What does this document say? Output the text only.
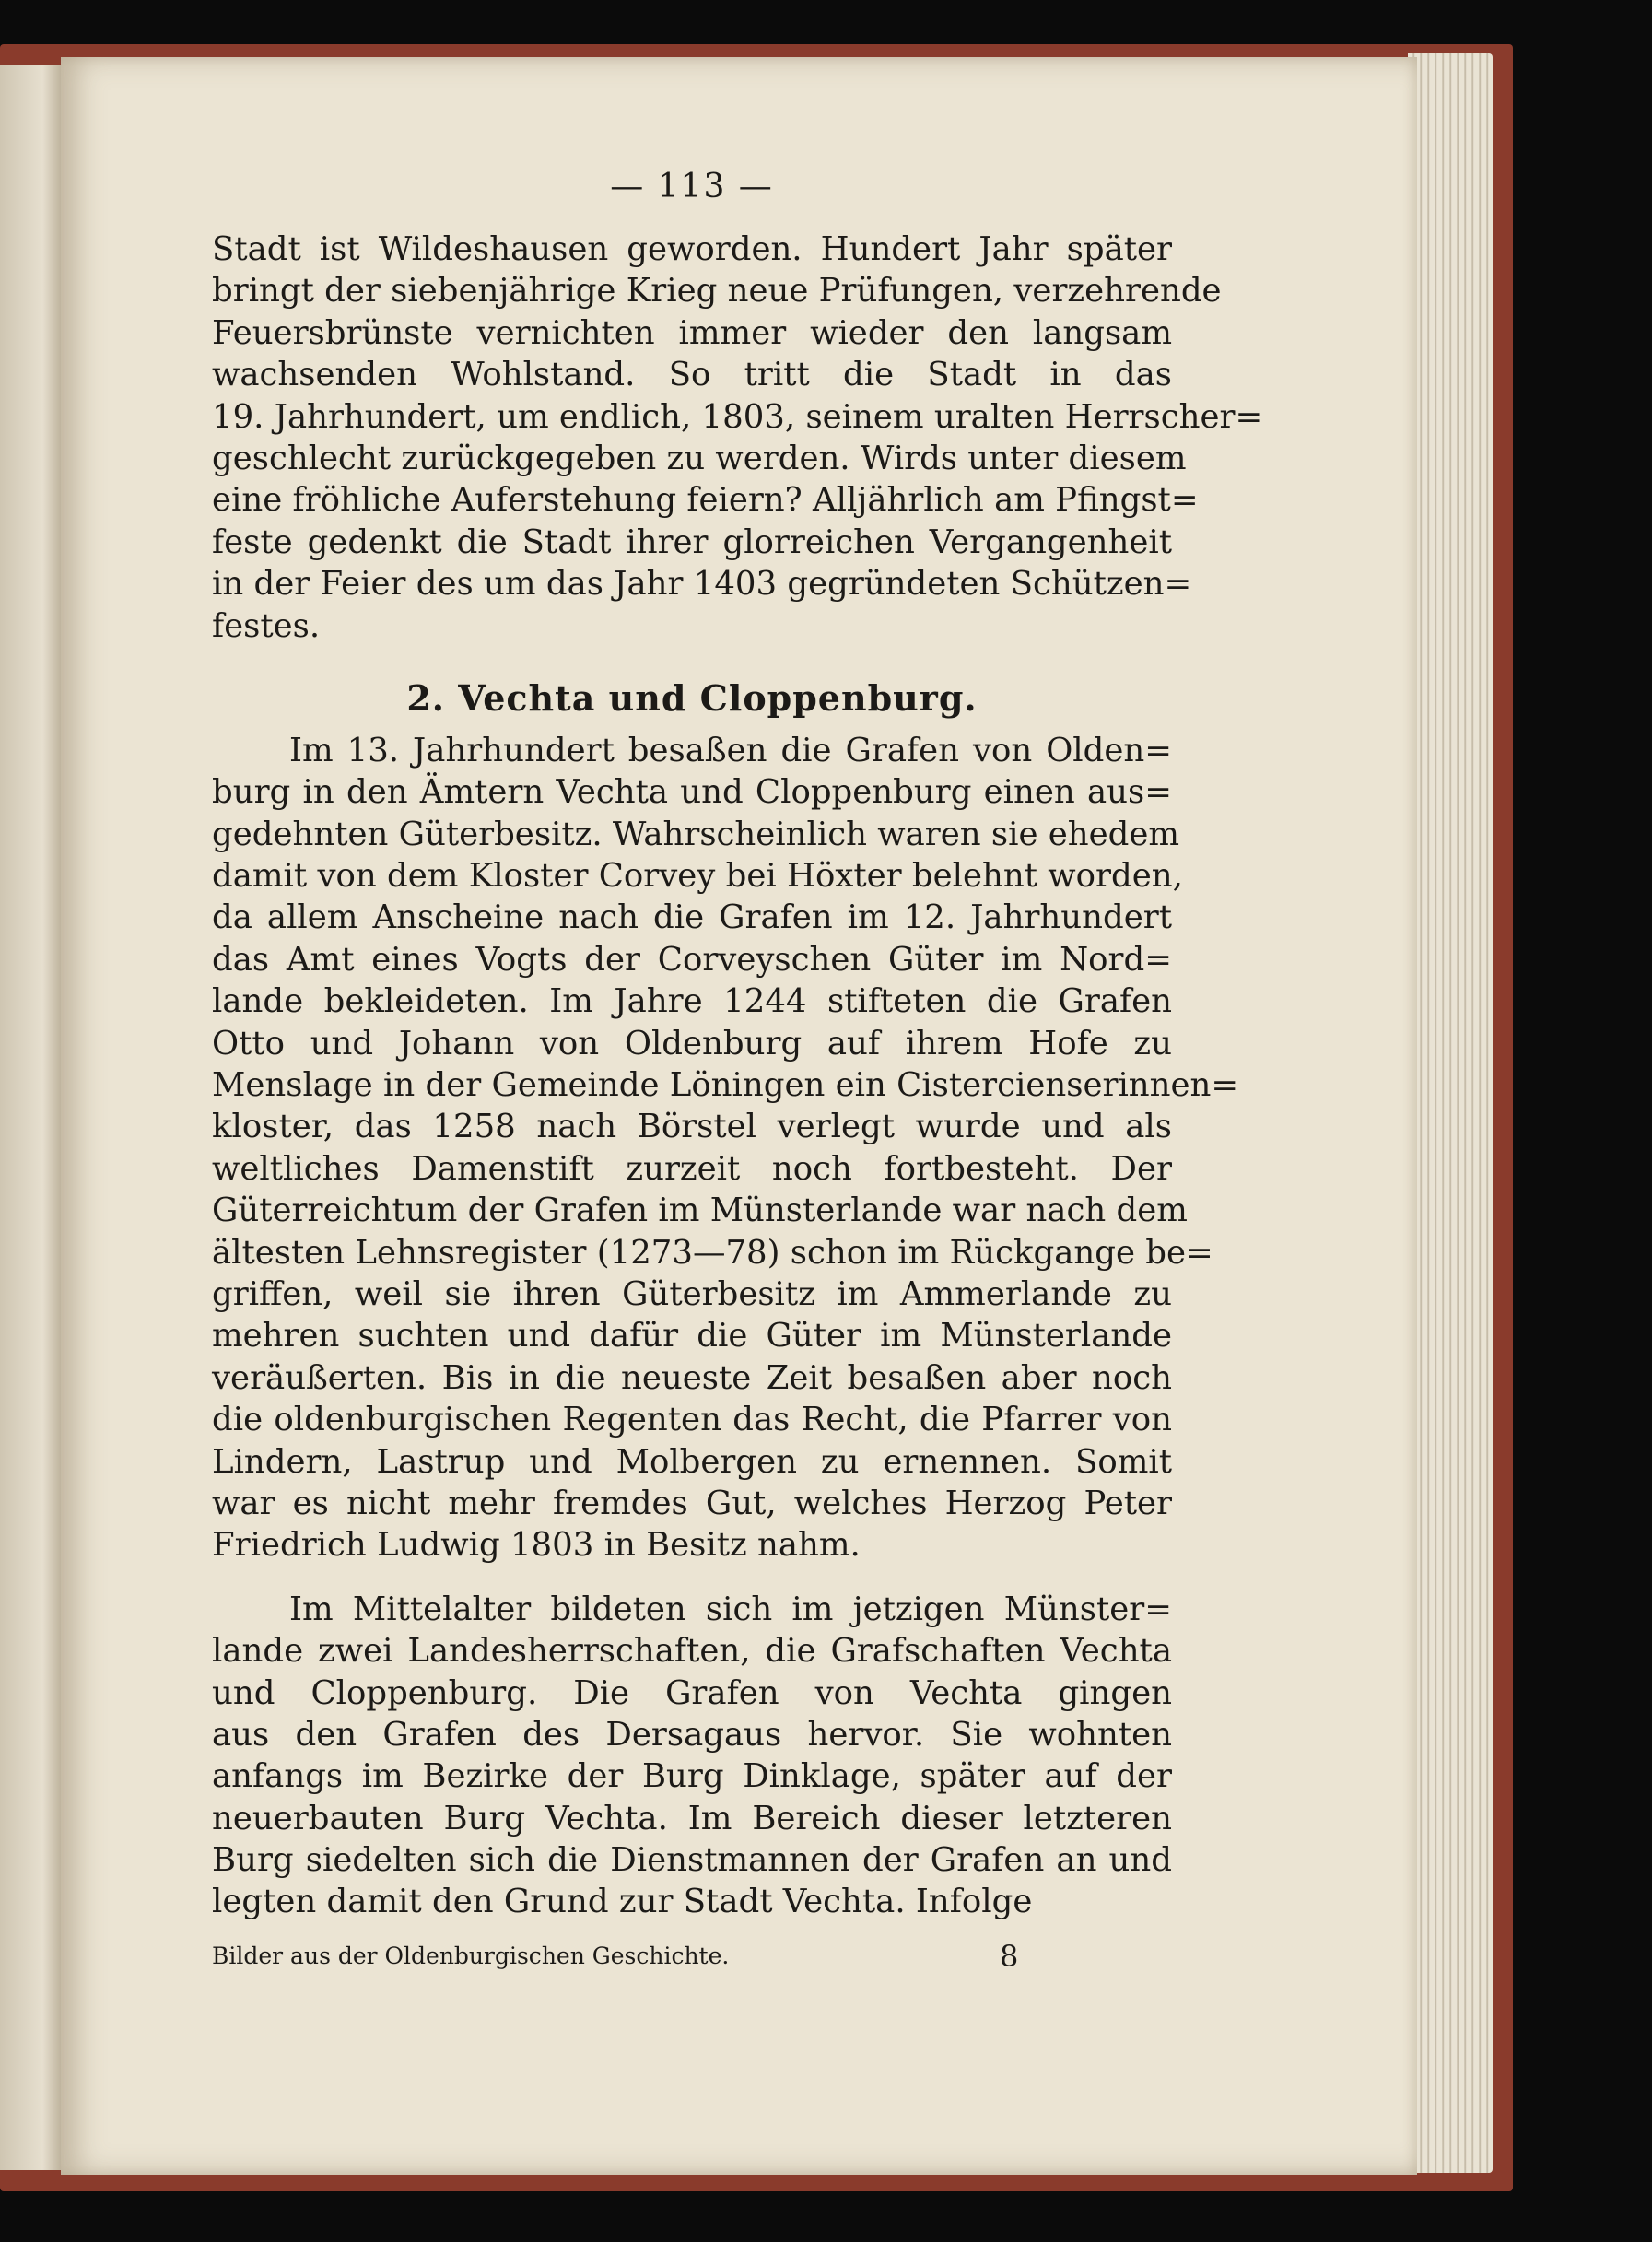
— 113 —
Stadt ist Wildeshausen geworden. Hundert Jahr später
bringt der siebenjährige Krieg neue Prüfungen, verzehrende
Feuersbrünste vernichten immer wieder den langsam
wachsenden Wohlstand. So tritt die Stadt in das
19. Jahrhundert, um endlich, 1803, seinem uralten Herrscher=
geschlecht zurückgegeben zu werden. Wirds unter diesem
eine fröhliche Auferstehung feiern? Alljährlich am Pfingst=
feste gedenkt die Stadt ihrer glorreichen Vergangenheit
in der Feier des um das Jahr 1403 gegründeten Schützen=
festes.
2. Vechta und Cloppenburg.
Im 13. Jahrhundert besaßen die Grafen von Olden=
burg in den Ämtern Vechta und Cloppenburg einen aus=
gedehnten Güterbesitz. Wahrscheinlich waren sie ehedem
damit von dem Kloster Corvey bei Höxter belehnt worden,
da allem Anscheine nach die Grafen im 12. Jahrhundert
das Amt eines Vogts der Corveyschen Güter im Nord=
lande bekleideten. Im Jahre 1244 stifteten die Grafen
Otto und Johann von Oldenburg auf ihrem Hofe zu
Menslage in der Gemeinde Löningen ein Cistercienserinnen=
kloster, das 1258 nach Börstel verlegt wurde und als
weltliches Damenstift zurzeit noch fortbesteht. Der
Güterreichtum der Grafen im Münsterlande war nach dem
ältesten Lehnsregister (1273—78) schon im Rückgange be=
griffen, weil sie ihren Güterbesitz im Ammerlande zu
mehren suchten und dafür die Güter im Münsterlande
veräußerten. Bis in die neueste Zeit besaßen aber noch
die oldenburgischen Regenten das Recht, die Pfarrer von
Lindern, Lastrup und Molbergen zu ernennen. Somit
war es nicht mehr fremdes Gut, welches Herzog Peter
Friedrich Ludwig 1803 in Besitz nahm.
Im Mittelalter bildeten sich im jetzigen Münster=
lande zwei Landesherrschaften, die Grafschaften Vechta
und Cloppenburg. Die Grafen von Vechta gingen
aus den Grafen des Dersagaus hervor. Sie wohnten
anfangs im Bezirke der Burg Dinklage, später auf der
neuerbauten Burg Vechta. Im Bereich dieser letzteren
Burg siedelten sich die Dienstmannen der Grafen an und
legten damit den Grund zur Stadt Vechta. Infolge
Bilder aus der Oldenburgischen Geschichte.	8
